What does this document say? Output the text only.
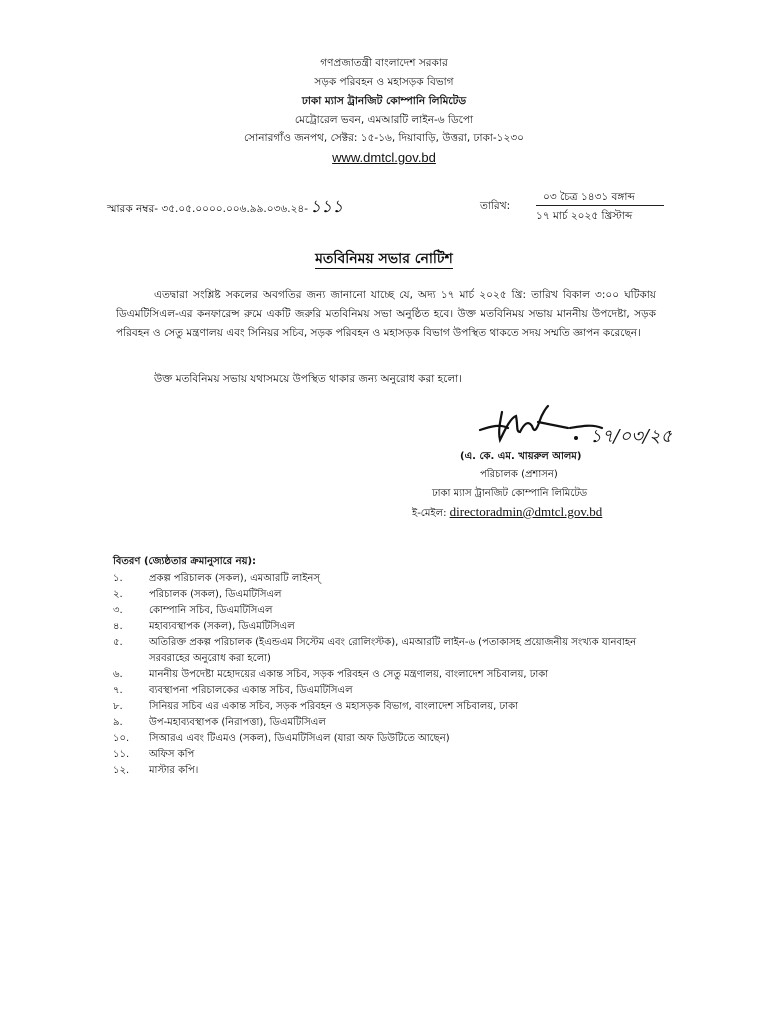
গণপ্রজাতন্ত্রী বাংলাদেশ সরকার
সড়ক পরিবহন ও মহাসড়ক বিভাগ
ঢাকা ম্যাস ট্রানজিট কোম্পানি লিমিটেড
মেট্রোরেল ভবন, এমআরটি লাইন-৬ ডিপো
সোনারগাঁও জনপথ, সেক্টর: ১৫-১৬, দিয়াবাড়ি, উত্তরা, ঢাকা-১২৩০
www.dmtcl.gov.bd
স্মারক নম্বর- ৩৫.০৫.০০০০.০০৬.৯৯.০৩৬.২৪- ১১১	তারিখ:
০৩ চৈত্র ১৪৩১ বঙ্গাব্দ
১৭ মার্চ ২০২৫ খ্রিস্টাব্দ
মতবিনিময় সভার নোটিশ
এতদ্বারা সংশ্লিষ্ট সকলের অবগতির জন্য জানানো যাচ্ছে যে, অদ্য ১৭ মার্চ ২০২৫ খ্রি: তারিখ বিকাল ৩:০০ ঘটিকায় ডিএমটিসিএল-এর কনফারেন্স রুমে একটি জরুরি মতবিনিময় সভা অনুষ্ঠিত হবে। উক্ত মতবিনিময় সভায় মাননীয় উপদেষ্টা, সড়ক পরিবহন ও সেতু মন্ত্রণালয় এবং সিনিয়র সচিব, সড়ক পরিবহন ও মহাসড়ক বিভাগ উপস্থিত থাকতে সদয় সম্মতি জ্ঞাপন করেছেন।
উক্ত মতবিনিময় সভায় যথাসময়ে উপস্থিত থাকার জন্য অনুরোধ করা হলো।
১৭/০৩/২৫
(এ. কে. এম. খায়রুল আলম)
পরিচালক (প্রশাসন)
ঢাকা ম্যাস ট্রানজিট কোম্পানি লিমিটেড
ই-মেইল: directoradmin@dmtcl.gov.bd
বিতরণ (জ্যেষ্ঠতার ক্রমানুসারে নয়):
১.	প্রকল্প পরিচালক (সকল), এমআরটি লাইনস্
২.	পরিচালক (সকল), ডিএমটিসিএল
৩.	কোম্পানি সচিব, ডিএমটিসিএল
৪.	মহাব্যবস্থাপক (সকল), ডিএমটিসিএল
৫.	অতিরিক্ত প্রকল্প পরিচালক (ইএন্ডএম সিস্টেম এবং রোলিংস্টক), এমআরটি লাইন-৬ (পতাকাসহ প্রয়োজনীয় সংখ্যক যানবাহন সরবরাহের অনুরোধ করা হলো)
৬.	মাননীয় উপদেষ্টা মহোদয়ের একান্ত সচিব, সড়ক পরিবহন ও সেতু মন্ত্রণালয়, বাংলাদেশ সচিবালয়, ঢাকা
৭.	ব্যবস্থাপনা পরিচালকের একান্ত সচিব, ডিএমটিসিএল
৮.	সিনিয়র সচিব এর একান্ত সচিব, সড়ক পরিবহন ও মহাসড়ক বিভাগ, বাংলাদেশ সচিবালয়, ঢাকা
৯.	উপ-মহাব্যবস্থাপক (নিরাপত্তা), ডিএমটিসিএল
১০.	সিআরএ এবং টিএমও (সকল), ডিএমটিসিএল (যারা অফ ডিউটিতে আছেন)
১১.	অফিস কপি
১২.	মাস্টার কপি।
